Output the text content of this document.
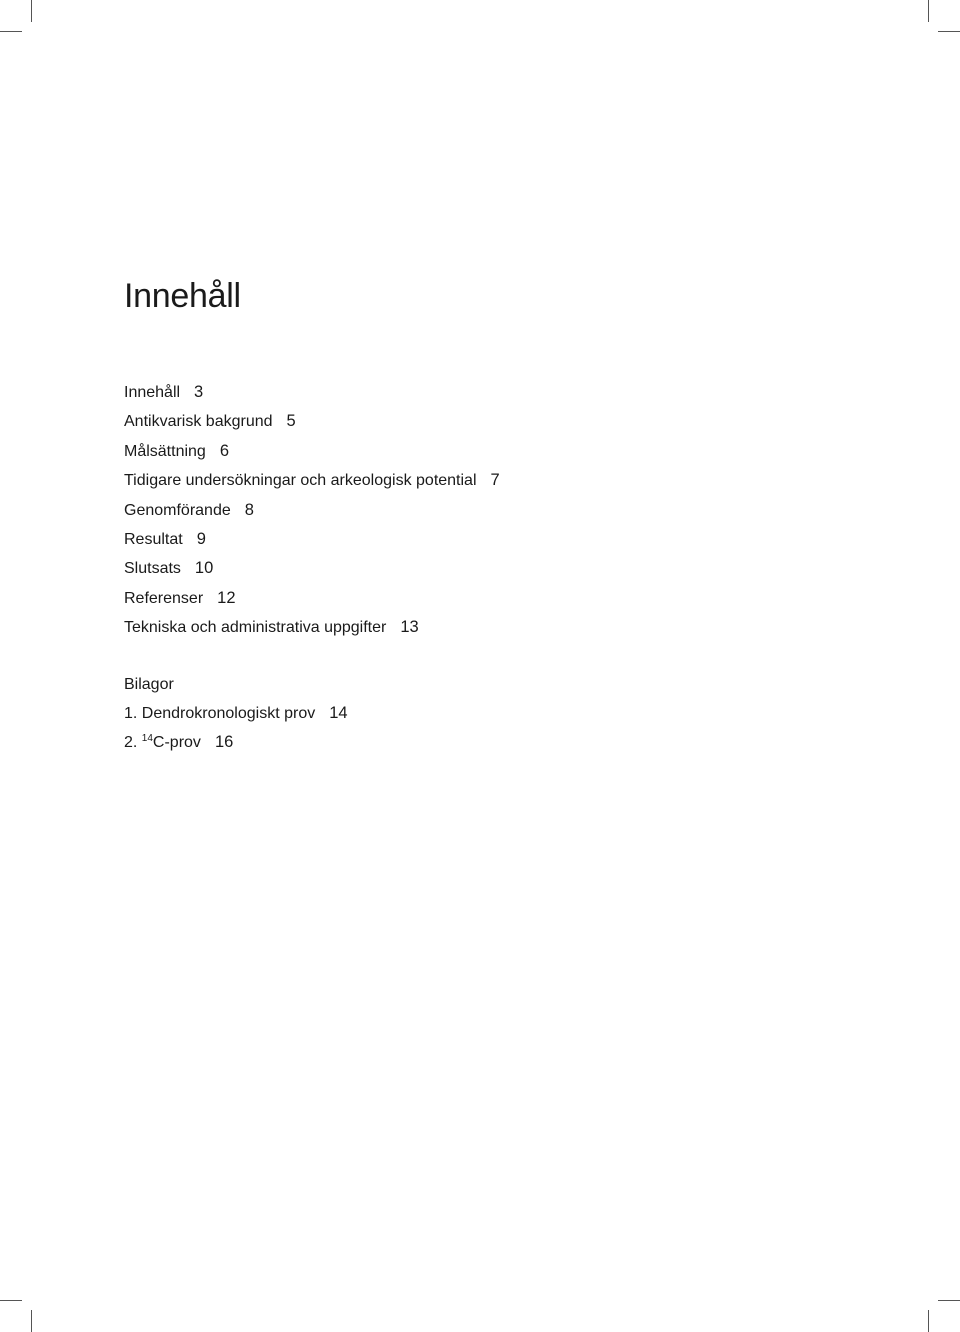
Innehåll
Innehåll 3
Antikvarisk bakgrund 5
Målsättning 6
Tidigare undersökningar och arkeologisk potential 7
Genomförande 8
Resultat 9
Slutsats 10
Referenser 12
Tekniska och administrativa uppgifter 13
Bilagor
1. Dendrokronologiskt prov 14
2. $^{14}$C-prov 16
